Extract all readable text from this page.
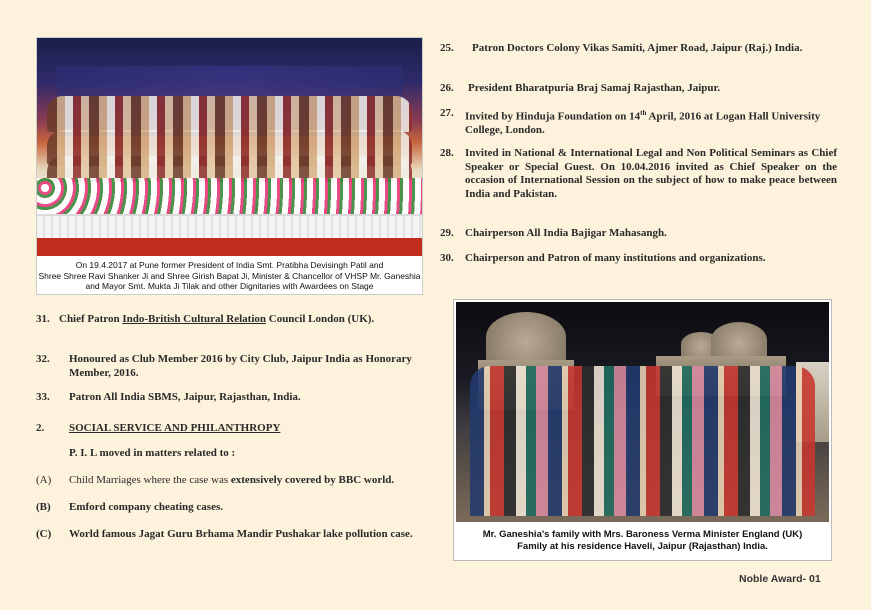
On 19.4.2017 at Pune former President of India Smt. Pratibha Devisingh Patil and
Shree Shree Ravi Shanker Ji and Shree Girish Bapat Ji, Minister & Chancellor of VHSP Mr. Ganeshia
and Mayor Smt. Mukta Ji Tilak and other Dignitaries with Awardees on Stage
25.	Patron Doctors Colony Vikas Samiti, Ajmer Road, Jaipur (Raj.) India.
26.	President Bharatpuria Braj Samaj Rajasthan, Jaipur.
27.	Invited by Hinduja Foundation on 14th April, 2016 at Logan Hall University College, London.
28.	Invited in National & International Legal and Non Political Seminars as Chief Speaker or Special Guest. On 10.04.2016 invited as Chief Speaker on the occasion of International Session on the subject of how to make peace between India and Pakistan.
29.	Chairperson All India Bajigar Mahasangh.
30.	Chairperson and Patron of many institutions and organizations.
31. Chief Patron Indo-British Cultural Relation Council London (UK).
32.	Honoured as Club Member 2016 by City Club, Jaipur India as Honorary Member, 2016.
33.	Patron All India SBMS, Jaipur, Rajasthan, India.
2. SOCIAL SERVICE AND PHILANTHROPY
P. I. L moved in matters related to :
(A)	Child Marriages where the case was extensively covered by BBC world.
(B)	Emford company cheating cases.
(C)	World famous Jagat Guru Brhama Mandir Pushakar lake pollution case.	Mr. Ganeshia's family with Mrs. Baroness Verma Minister England (UK)
Family at his residence Haveli, Jaipur (Rajasthan) India.
Noble Award- 01
